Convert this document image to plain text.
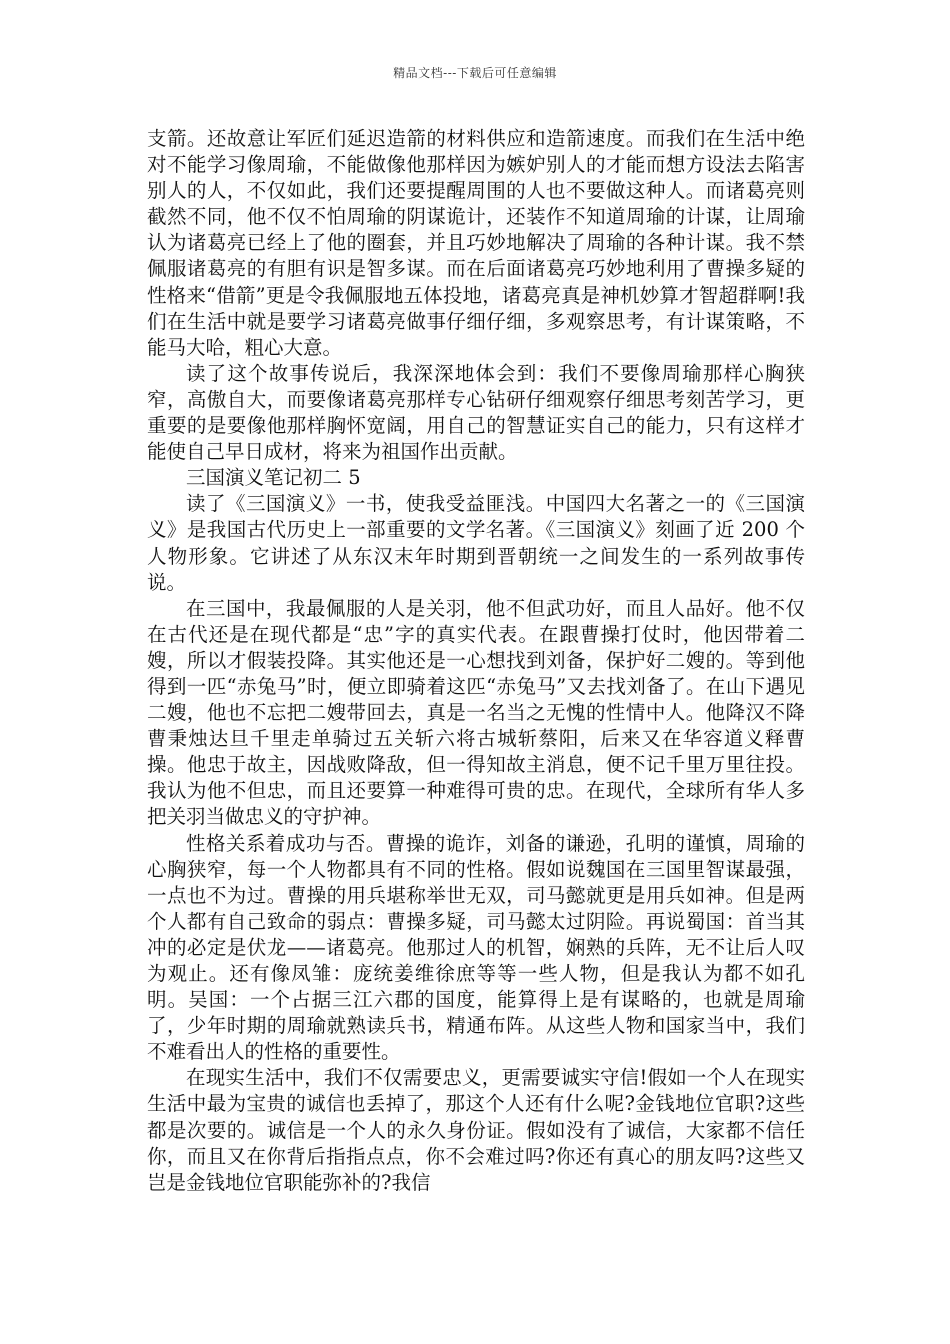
精品文档---下载后可任意编辑

支箭。还故意让军匠们延迟造箭的材料供应和造箭速度。而我们在生活中绝对不能学习像周瑜，不能做像他那样因为嫉妒别人的才能而想方设法去陷害别人的人，不仅如此，我们还要提醒周围的人也不要做这种人。而诸葛亮则截然不同，他不仅不怕周瑜的阴谋诡计，还装作不知道周瑜的计谋，让周瑜认为诸葛亮已经上了他的圈套，并且巧妙地解决了周瑜的各种计谋。我不禁佩服诸葛亮的有胆有识是智多谋。而在后面诸葛亮巧妙地利用了曹操多疑的性格来“借箭”更是令我佩服地五体投地，诸葛亮真是神机妙算才智超群啊!我们在生活中就是要学习诸葛亮做事仔细仔细，多观察思考，有计谋策略，不能马大哈，粗心大意。

读了这个故事传说后，我深深地体会到：我们不要像周瑜那样心胸狭窄，高傲自大，而要像诸葛亮那样专心钻研仔细观察仔细思考刻苦学习，更重要的是要像他那样胸怀宽阔，用自己的智慧证实自己的能力，只有这样才能使自己早日成材，将来为祖国作出贡献。

三国演义笔记初二 5

读了《三国演义》一书，使我受益匪浅。中国四大名著之一的《三国演义》是我国古代历史上一部重要的文学名著。《三国演义》刻画了近 200 个人物形象。它讲述了从东汉末年时期到晋朝统一之间发生的一系列故事传说。

在三国中，我最佩服的人是关羽，他不但武功好，而且人品好。他不仅在古代还是在现代都是“忠”字的真实代表。在跟曹操打仗时，他因带着二嫂，所以才假装投降。其实他还是一心想找到刘备，保护好二嫂的。等到他得到一匹“赤兔马”时，便立即骑着这匹“赤兔马”又去找刘备了。在山下遇见二嫂，他也不忘把二嫂带回去，真是一名当之无愧的性情中人。他降汉不降曹秉烛达旦千里走单骑过五关斩六将古城斩蔡阳，后来又在华容道义释曹操。他忠于故主，因战败降敌，但一得知故主消息，便不记千里万里往投。我认为他不但忠，而且还要算一种难得可贵的忠。在现代，全球所有华人多把关羽当做忠义的守护神。

性格关系着成功与否。曹操的诡诈，刘备的谦逊，孔明的谨慎，周瑜的心胸狭窄，每一个人物都具有不同的性格。假如说魏国在三国里智谋最强，一点也不为过。曹操的用兵堪称举世无双，司马懿就更是用兵如神。但是两个人都有自己致命的弱点：曹操多疑，司马懿太过阴险。再说蜀国：首当其冲的必定是伏龙——诸葛亮。他那过人的机智，娴熟的兵阵，无不让后人叹为观止。还有像凤雏：庞统姜维徐庶等等一些人物，但是我认为都不如孔明。吴国：一个占据三江六郡的国度，能算得上是有谋略的，也就是周瑜了，少年时期的周瑜就熟读兵书，精通布阵。从这些人物和国家当中，我们不难看出人的性格的重要性。

在现实生活中，我们不仅需要忠义，更需要诚实守信!假如一个人在现实生活中最为宝贵的诚信也丢掉了，那这个人还有什么呢?金钱地位官职?这些都是次要的。诚信是一个人的永久身份证。假如没有了诚信，大家都不信任你，而且又在你背后指指点点，你不会难过吗?你还有真心的朋友吗?这些又岂是金钱地位官职能弥补的?我信
